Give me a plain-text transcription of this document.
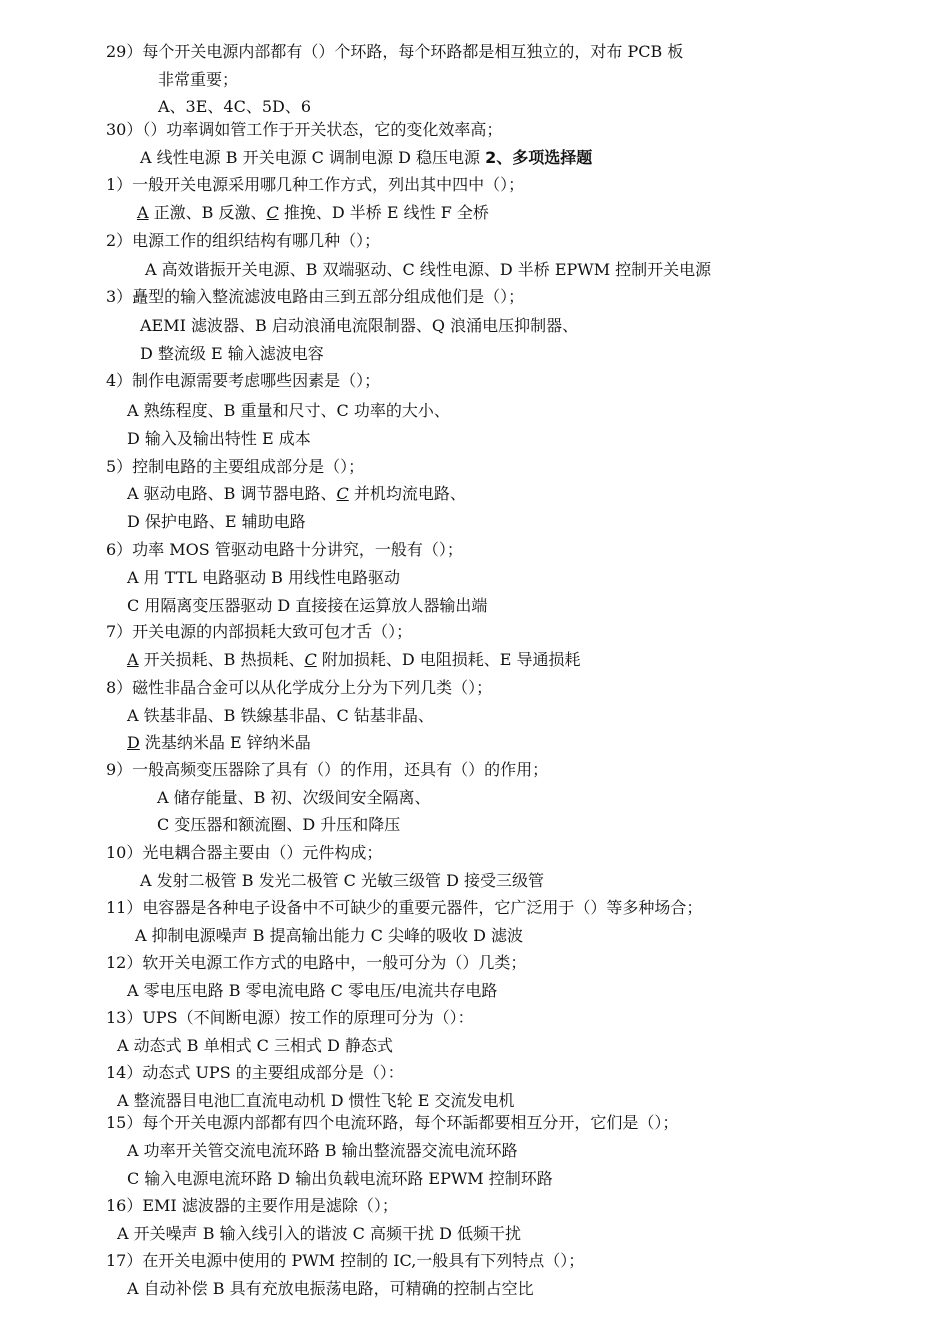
29）每个开关电源内部都有（）个环路，每个环路都是相互独立的，对布 PCB 板
非常重要；
A、3E、4C、5D、6
30）（）功率调如管工作于开关状态，它的变化效率高；
A 线性电源 B 开关电源 C 调制电源 D 稳压电源 2、多项选择题
1）一般开关电源采用哪几种工作方式，列出其中四中（）；
A 正激、B 反激、C 推挽、D 半桥 E 线性 F 全桥
2）电源工作的组织结构有哪几种（）；
A 高效谐振开关电源、B 双端驱动、C 线性电源、D 半桥 EPWM 控制开关电源
3）矗型的输入整流滤波电路由三到五部分组成他们是（）；
AEMI 滤波器、B 启动浪涌电流限制器、Q 浪涌电压抑制器、
D 整流级 E 输入滤波电容
4）制作电源需要考虑哪些因素是（）；
A 熟练程度、B 重量和尺寸、C 功率的大小、
D 输入及输出特性 E 成本
5）控制电路的主要组成部分是（）；
A 驱动电路、B 调节器电路、C 并机均流电路、
D 保护电路、E 辅助电路
6）功率 MOS 管驱动电路十分讲究，一般有（）；
A 用 TTL 电路驱动 B 用线性电路驱动
C 用隔离变压器驱动 D 直接接在运算放人器输出端
7）开关电源的内部损耗大致可包才舌（）；
A 开关损耗、B 热损耗、C 附加损耗、D 电阻损耗、E 导通损耗
8）磁性非晶合金可以从化学成分上分为下列几类（）；
A 铁基非晶、B 铁線基非晶、C 钻基非晶、
D 洗基纳米晶 E 锌纳米晶
9）一般高频变压器除了具有（）的作用，还具有（）的作用；
A 储存能量、B 初、次级间安全隔离、
C 变压器和额流圈、D 升压和降压
10）光电耦合器主要由（）元件构成；
A 发射二极管 B 发光二极管 C 光敏三级管 D 接受三级管
11）电容器是各种电子设备中不可缺少的重要元器件，它广泛用于（）等多种场合；
A 抑制电源噪声 B 提高输出能力 C 尖峰的吸收 D 滤波
12）软开关电源工作方式的电路中，一般可分为（）几类；
A 零电压电路 B 零电流电路 C 零电压/电流共存电路
13）UPS（不间断电源）按工作的原理可分为（）：
A 动态式 B 单相式 C 三相式 D 静态式
14）动态式 UPS 的主要组成部分是（）：
A 整流器目电池匚直流电动机 D 惯性飞轮 E 交流发电机
15）每个开关电源内部都有四个电流环路，每个环詬都要相互分开，它们是（）；
A 功率开关管交流电流环路 B 输出整流器交流电流环路
C 输入电源电流环路 D 输出负载电流环路 EPWM 控制环路
16）EMI 滤波器的主要作用是滤除（）；
A 开关噪声 B 输入线引入的谐波 C 高频干扰 D 低频干扰
17）在开关电源中使用的 PWM 控制的 IC,一般具有下列特点（）；
A 自动补偿 B 具有充放电振荡电路，可精确的控制占空比
